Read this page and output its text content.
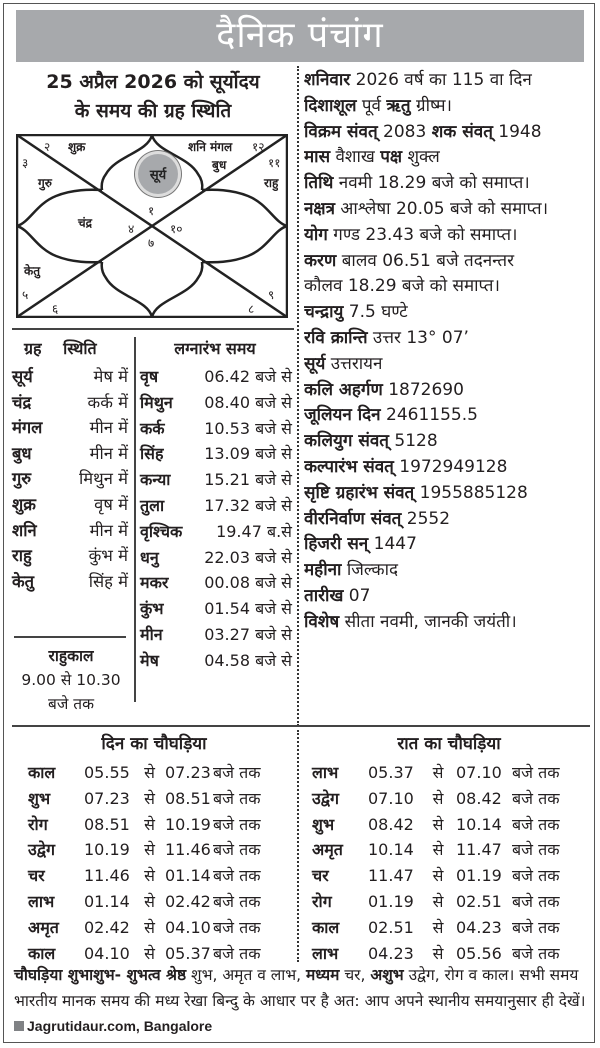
दैनिक पंचांग
25 अप्रैल 2026 को सूर्योदय
के समय की ग्रह स्थिति
सूर्य
२ शुक्र	शनि मंगल १२
बुध
३	११
गुरु	राहु
१
चंद्र	४	१०
७
केतु
५	९
६	८
शनिवार 2026 वर्ष का 115 वा दिन
दिशाशूल पूर्व ऋतु ग्रीष्म।
विक्रम संवत् 2083 शक संवत् 1948
मास वैशाख पक्ष शुक्ल
तिथि नवमी 18.29 बजे को समाप्त।
नक्षत्र आश्लेषा 20.05 बजे को समाप्त।
योग गण्ड 23.43 बजे को समाप्त।
करण बालव 06.51 बजे तदनन्तर
कौलव 18.29 बजे को समाप्त।
चन्द्रायु 7.5 घण्टे
रवि क्रान्ति उत्तर 13° 07’
सूर्य उत्तरायन
कलि अहर्गण 1872690
जूलियन दिन 2461155.5
कलियुग संवत् 5128
कल्पारंभ संवत् 1972949128
सृष्टि ग्रहारंभ संवत् 1955885128
वीरनिर्वाण संवत् 2552
हिजरी सन् 1447
महीना जिल्काद
तारीख 07
विशेष सीता नवमी, जानकी जयंती।
ग्रह स्थिति
सूर्य	मेष में
चंद्र	कर्क में
मंगल	मीन में
बुध	मीन में
गुरु	मिथुन में
शुक्र	वृष में
शनि	मीन में
राहु	कुंभ में
केतु	सिंह में
राहुकाल
9.00 से 10.30
बजे तक
लग्नारंभ समय
वृष	06.42 बजे से
मिथुन	08.40 बजे से
कर्क	10.53 बजे से
सिंह	13.09 बजे से
कन्या	15.21 बजे से
तुला	17.32 बजे से
वृश्चिक	19.47 ब.से
धनु	22.03 बजे से
मकर	00.08 बजे से
कुंभ	01.54 बजे से
मीन	03.27 बजे से
मेष	04.58 बजे से
दिन का चौघड़िया
काल	05.55 से 07.23 बजे तक
शुभ	07.23 से 08.51 बजे तक
रोग	08.51 से 10.19 बजे तक
उद्वेग	10.19 से 11.46 बजे तक
चर	11.46 से 01.14 बजे तक
लाभ	01.14 से 02.42 बजे तक
अमृत	02.42 से 04.10 बजे तक
काल	04.10 से 05.37 बजे तक
रात का चौघड़िया
लाभ	05.37	से 07.10 बजे तक
उद्वेग	07.10	से 08.42 बजे तक
शुभ	08.42	से 10.14 बजे तक
अमृत	10.14	से 11.47 बजे तक
चर	11.47	से 01.19 बजे तक
रोग	01.19	से 02.51 बजे तक
काल	02.51	से 04.23 बजे तक
लाभ	04.23	से 05.56 बजे तक
चौघड़िया शुभाशुभ- शुभत्व श्रेष्ठ शुभ, अमृत व लाभ, मध्यम चर, अशुभ उद्वेग, रोग व काल। सभी समय भारतीय मानक समय की मध्य रेखा बिन्दु के आधार पर है अत: आप अपने स्थानीय समयानुसार ही देखें। Jagrutidaur.com, Bangalore
